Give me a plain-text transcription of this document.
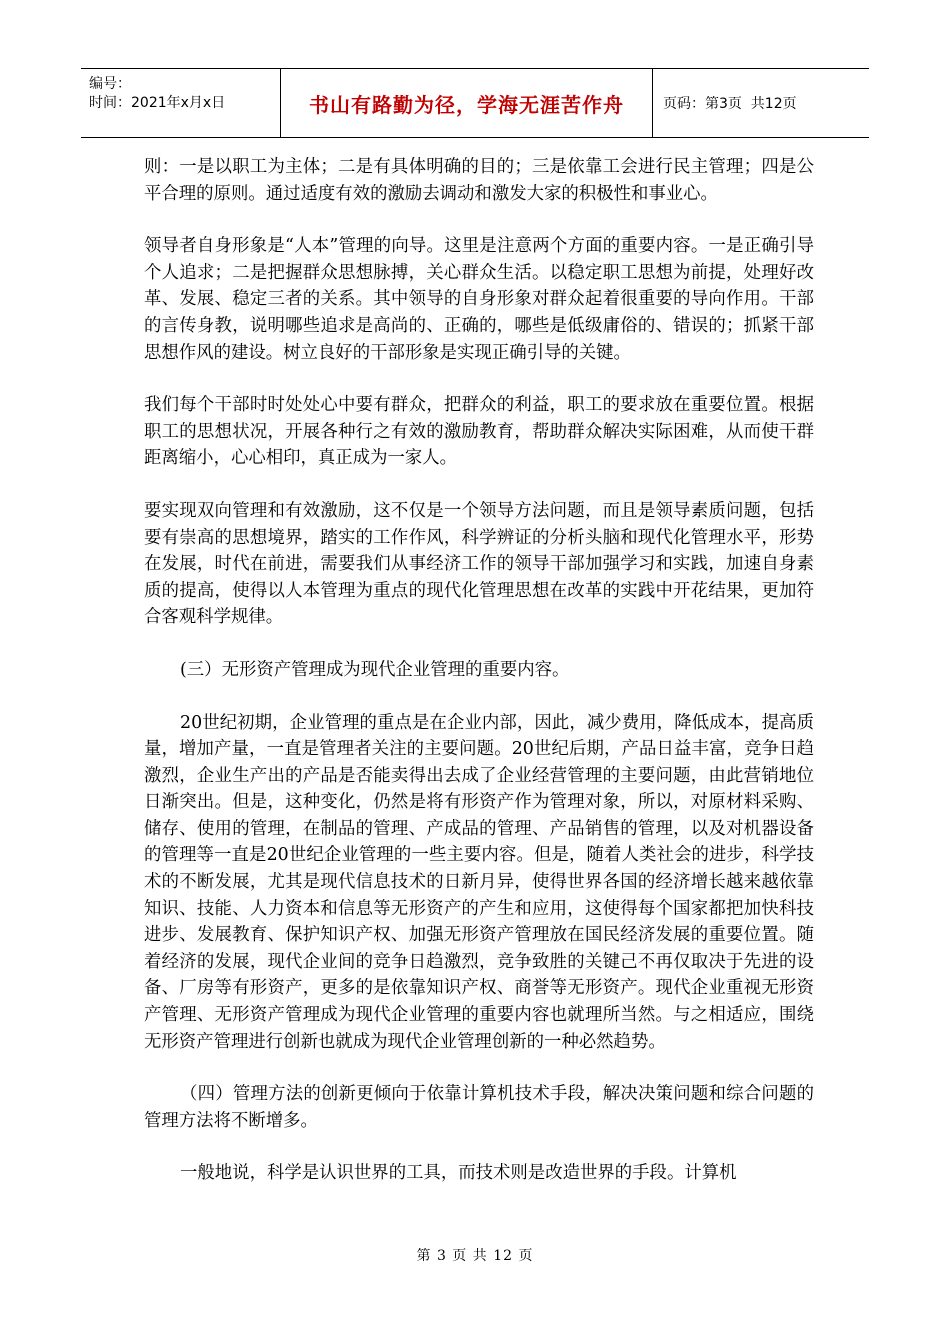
编号：
时间：2021年x月x日	书山有路勤为径，学海无涯苦作舟	页码：第3页  共12页

则：一是以职工为主体；二是有具体明确的目的；三是依靠工会进行民主管理；四是公平合理的原则。通过适度有效的激励去调动和激发大家的积极性和事业心。

领导者自身形象是“人本”管理的向导。这里是注意两个方面的重要内容。一是正确引导个人追求；二是把握群众思想脉搏，关心群众生活。以稳定职工思想为前提，处理好改革、发展、稳定三者的关系。其中领导的自身形象对群众起着很重要的导向作用。干部的言传身教，说明哪些追求是高尚的、正确的，哪些是低级庸俗的、错误的；抓紧干部思想作风的建设。树立良好的干部形象是实现正确引导的关键。

我们每个干部时时处处心中要有群众，把群众的利益，职工的要求放在重要位置。根据职工的思想状况，开展各种行之有效的激励教育，帮助群众解决实际困难，从而使干群距离缩小，心心相印，真正成为一家人。

要实现双向管理和有效激励，这不仅是一个领导方法问题，而且是领导素质问题，包括要有崇高的思想境界，踏实的工作作风，科学辨证的分析头脑和现代化管理水平，形势在发展，时代在前进，需要我们从事经济工作的领导干部加强学习和实践，加速自身素质的提高，使得以人本管理为重点的现代化管理思想在改革的实践中开花结果，更加符合客观科学规律。

(三）无形资产管理成为现代企业管理的重要内容。

20世纪初期，企业管理的重点是在企业内部，因此，减少费用，降低成本，提高质量，增加产量，一直是管理者关注的主要问题。20世纪后期，产品日益丰富，竞争日趋激烈，企业生产出的产品是否能卖得出去成了企业经营管理的主要问题，由此营销地位日渐突出。但是，这种变化，仍然是将有形资产作为管理对象，所以，对原材料采购、储存、使用的管理，在制品的管理、产成品的管理、产品销售的管理，以及对机器设备的管理等一直是20世纪企业管理的一些主要内容。但是，随着人类社会的进步，科学技术的不断发展，尤其是现代信息技术的日新月异，使得世界各国的经济增长越来越依靠知识、技能、人力资本和信息等无形资产的产生和应用，这使得每个国家都把加快科技进步、发展教育、保护知识产权、加强无形资产管理放在国民经济发展的重要位置。随着经济的发展，现代企业间的竞争日趋激烈，竞争致胜的关键己不再仅取决于先进的设备、厂房等有形资产，更多的是依靠知识产权、商誉等无形资产。现代企业重视无形资产管理、无形资产管理成为现代企业管理的重要内容也就理所当然。与之相适应，围绕无形资产管理进行创新也就成为现代企业管理创新的一种必然趋势。

（四）管理方法的创新更倾向于依靠计算机技术手段，解决决策问题和综合问题的管理方法将不断增多。

一般地说，科学是认识世界的工具，而技术则是改造世界的手段。计算机

第 3 页 共 12 页
